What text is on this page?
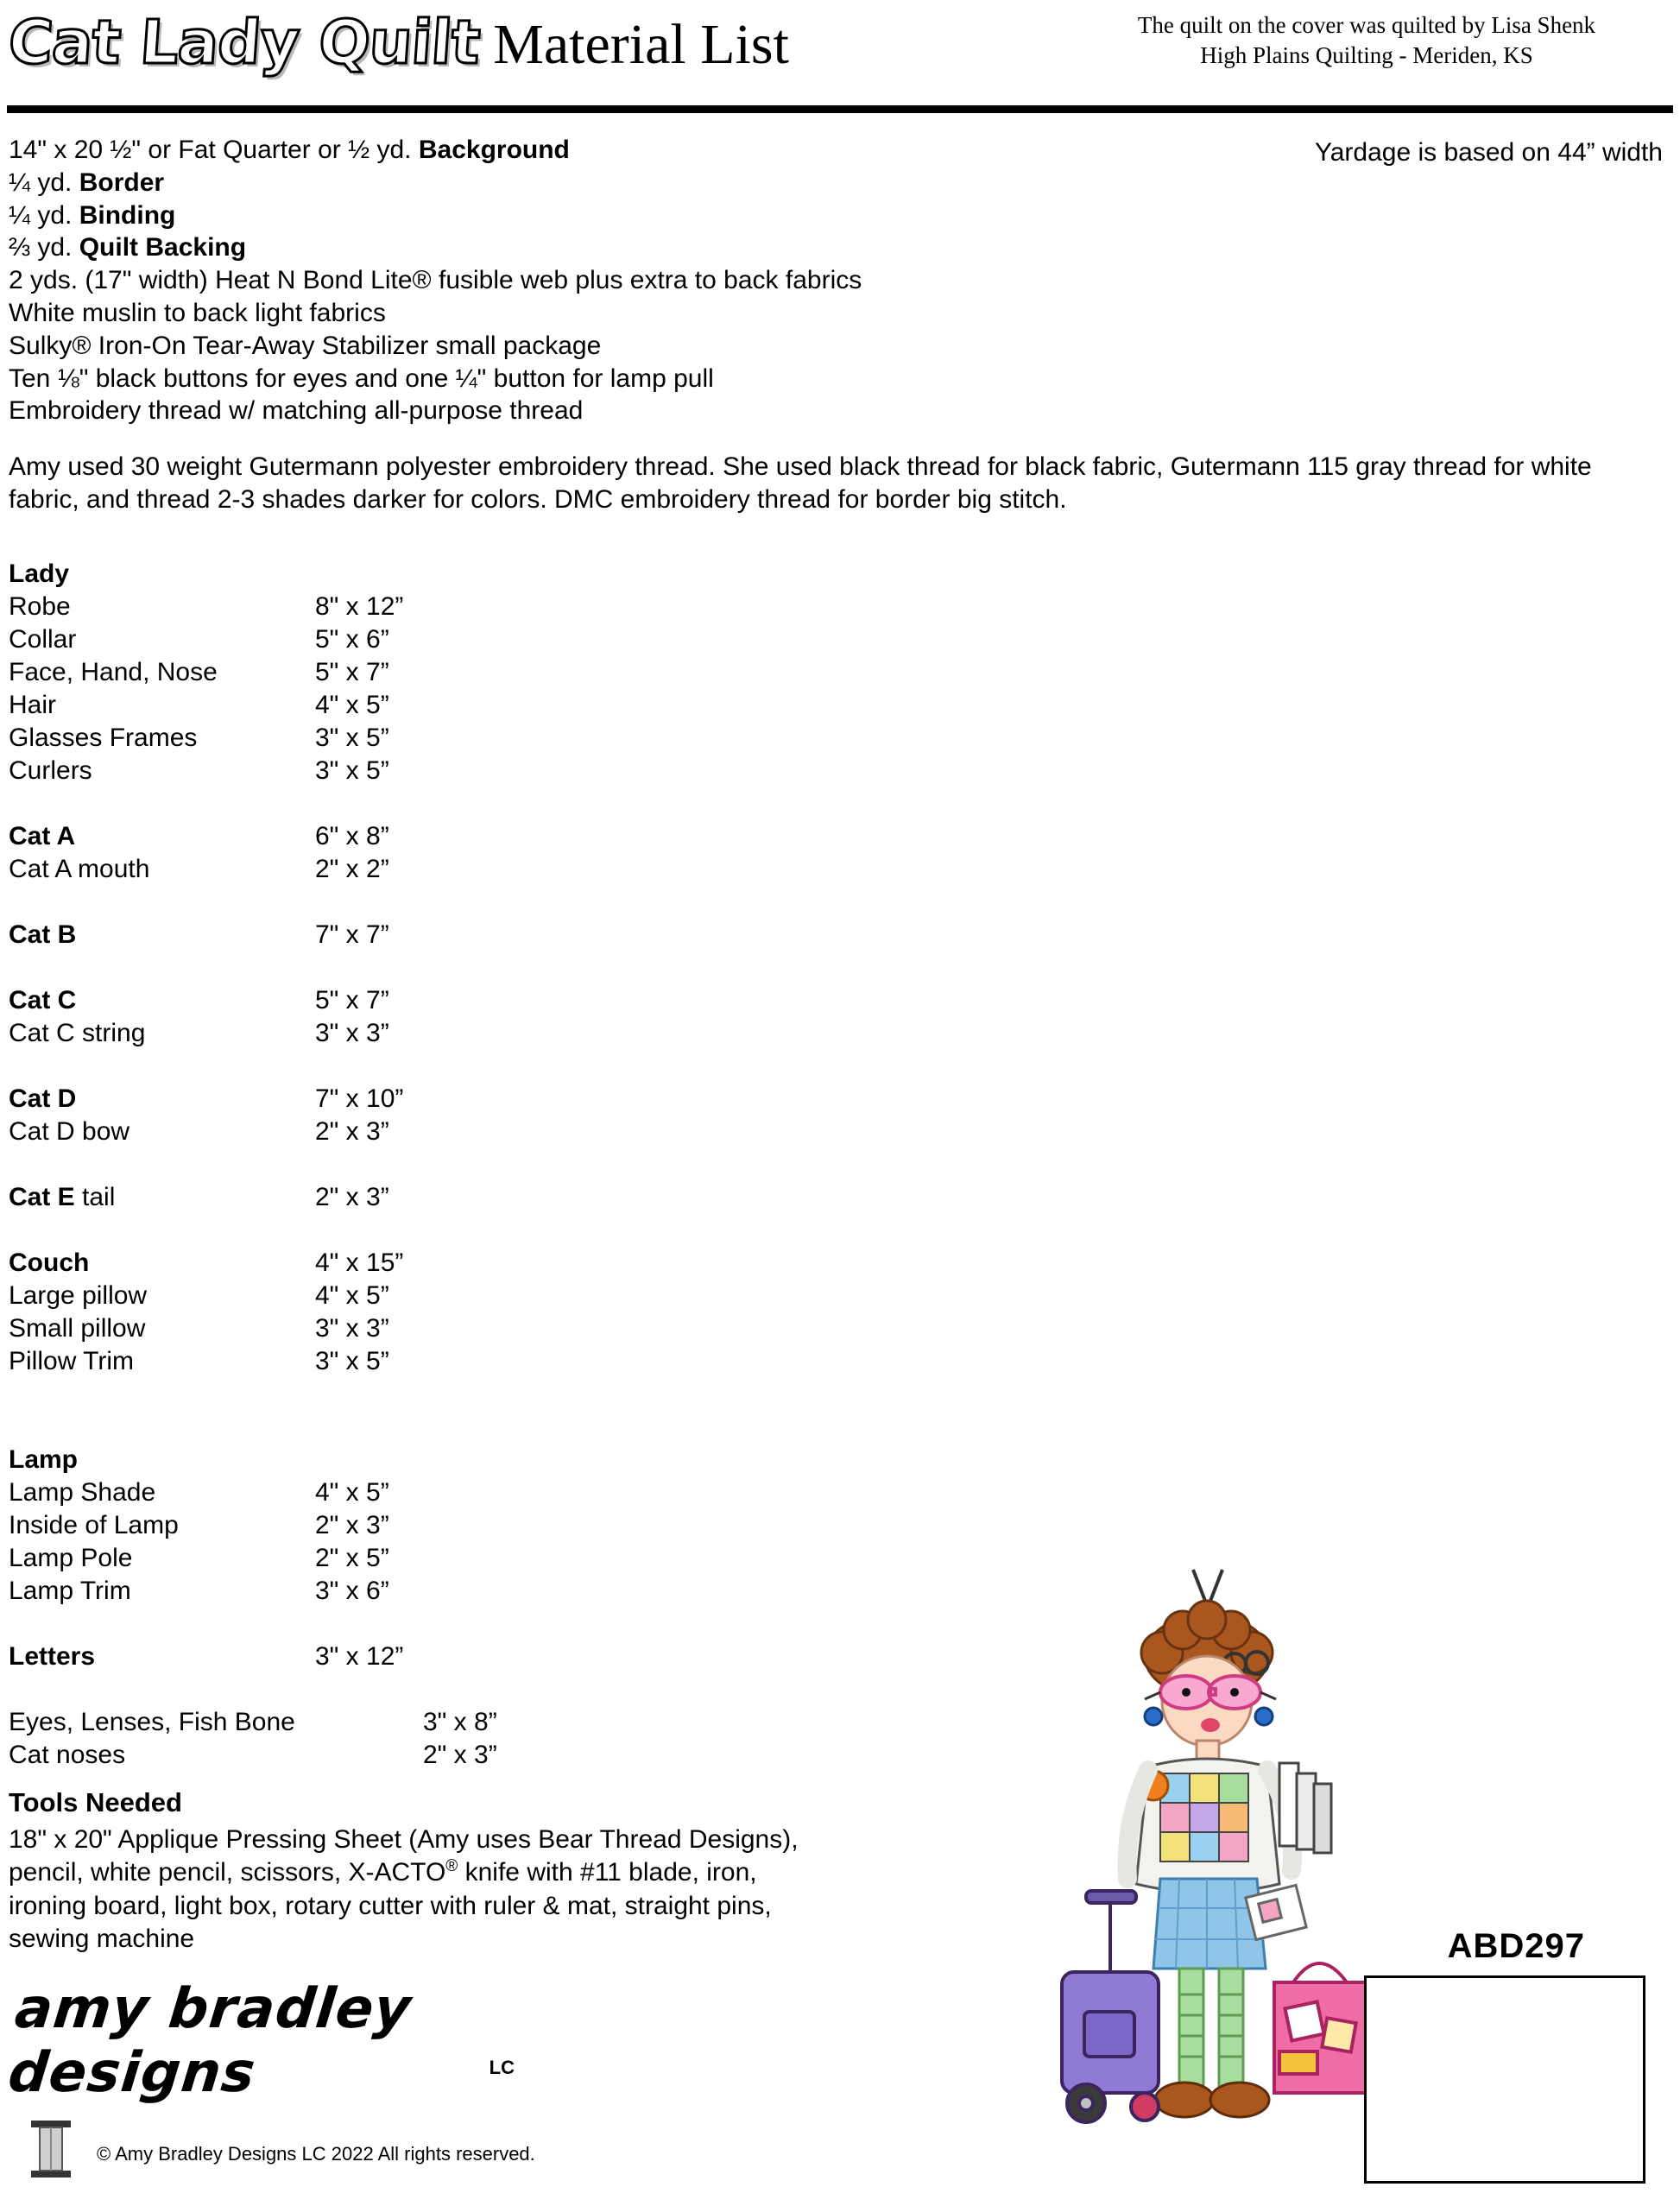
Cat Lady Quilt Material List	The quilt on the cover was quilted by Lisa Shenk
High Plains Quilting - Meriden, KS
Yardage is based on 44” width
14" x 20 ½" or Fat Quarter or ½ yd. Background
¼ yd. Border
¼ yd. Binding
⅔ yd. Quilt Backing
2 yds. (17" width) Heat N Bond Lite® fusible web plus extra to back fabrics
White muslin to back light fabrics
Sulky® Iron-On Tear-Away Stabilizer small package
Ten ⅛" black buttons for eyes and one ¼" button for lamp pull
Embroidery thread w/ matching all-purpose thread
Amy used 30 weight Gutermann polyester embroidery thread. She used black thread for black fabric, Gutermann 115 gray thread for white fabric, and thread 2-3 shades darker for colors. DMC embroidery thread for border big stitch.
Lady
Robe	8" x 12”
Collar	5" x 6”
Face, Hand, Nose	5" x 7”
Hair	4" x 5”
Glasses Frames	3" x 5”
Curlers	3" x 5”
Cat A	6" x 8”
Cat A mouth	2" x 2”
Cat B	7" x 7”
Cat C	5" x 7”
Cat C string	3" x 3”
Cat D	7" x 10”
Cat D bow	2" x 3”
Cat E tail	2" x 3”
Couch	4" x 15”
Large pillow	4" x 5”
Small pillow	3" x 3”
Pillow Trim	3" x 5”
Lamp
Lamp Shade	4" x 5”
Inside of Lamp	2" x 3”
Lamp Pole	2" x 5”
Lamp Trim	3" x 6”
Letters	3" x 12”
Eyes, Lenses, Fish Bone	3" x 8”
Cat noses	2" x 3”
Tools Needed
18" x 20" Applique Pressing Sheet (Amy uses Bear Thread Designs),
pencil, white pencil, scissors, X-ACTO® knife with #11 blade, iron,
ironing board, light box, rotary cutter with ruler & mat, straight pins,
sewing machine	ABD297
amy bradley designs	LC
© Amy Bradley Designs LC 2022 All rights reserved.
